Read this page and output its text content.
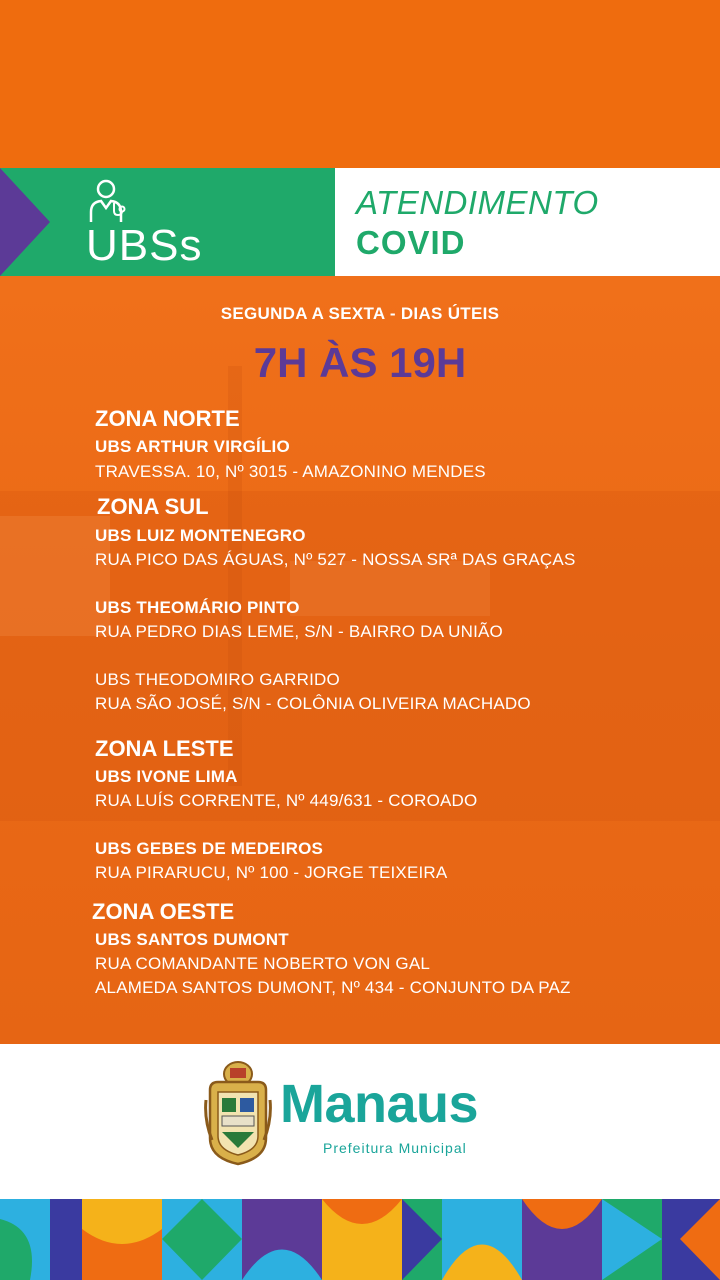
UBSs
ATENDIMENTO
COVID
SEGUNDA A SEXTA - DIAS ÚTEIS
7H ÀS 19H
ZONA NORTE
UBS ARTHUR VIRGÍLIO
TRAVESSA. 10, Nº 3015 - AMAZONINO MENDES
ZONA SUL
UBS LUIZ MONTENEGRO
RUA PICO DAS ÁGUAS, Nº 527 - NOSSA SRª DAS GRAÇAS
UBS THEOMÁRIO PINTO
RUA PEDRO DIAS LEME, S/N - BAIRRO DA UNIÃO
UBS THEODOMIRO GARRIDO
RUA SÃO JOSÉ, S/N - COLÔNIA OLIVEIRA MACHADO
ZONA LESTE
UBS IVONE LIMA
RUA LUÍS CORRENTE, Nº 449/631 - COROADO
UBS GEBES DE MEDEIROS
RUA PIRARUCU, Nº 100 - JORGE TEIXEIRA
ZONA OESTE
UBS SANTOS DUMONT
RUA COMANDANTE NOBERTO VON GAL
ALAMEDA SANTOS DUMONT, Nº 434 - CONJUNTO DA PAZ
Manaus
Prefeitura Municipal
